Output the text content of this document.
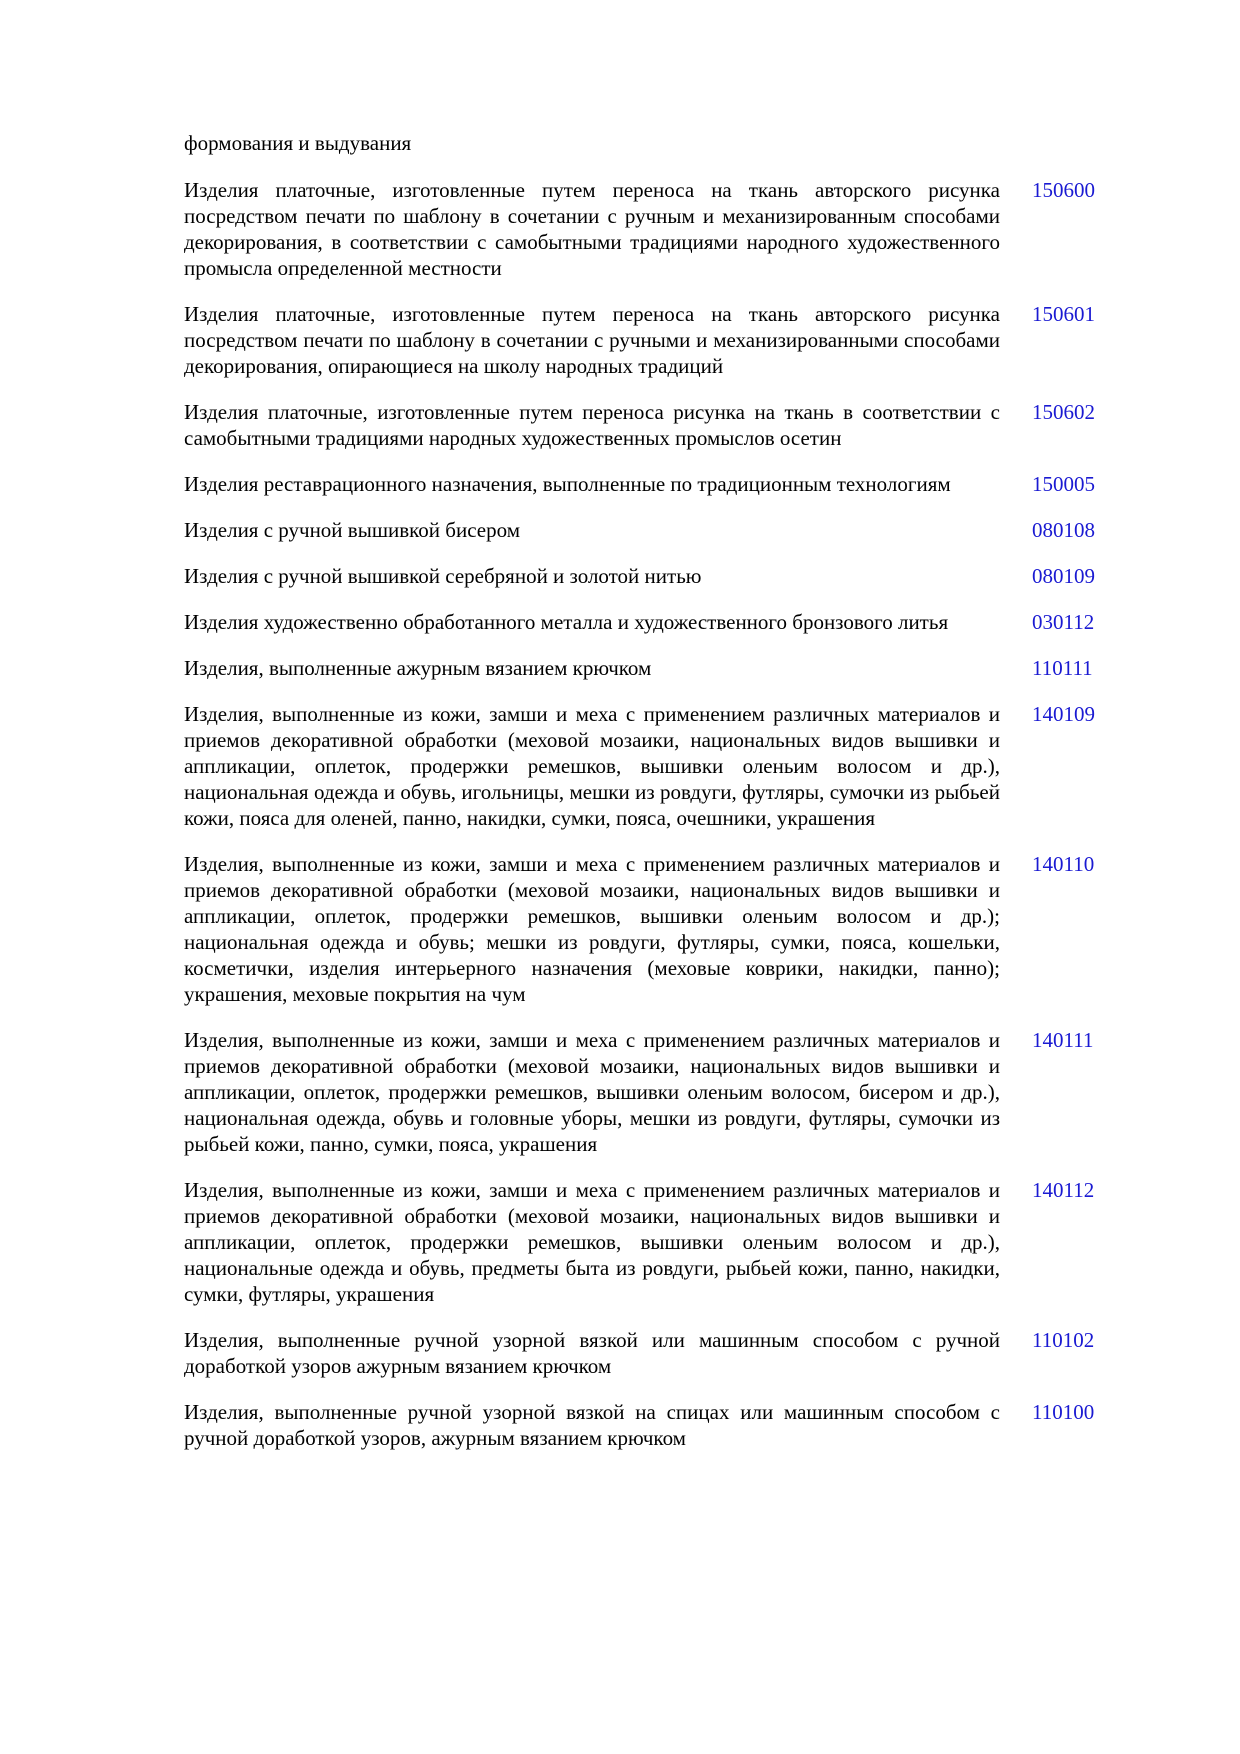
формования и выдувания
Изделия платочные, изготовленные путем переноса на ткань авторского рисунка посредством печати по шаблону в сочетании с ручным и механизированным способами декорирования, в соответствии с самобытными традициями народного художественного промысла определенной местности
150600
Изделия платочные, изготовленные путем переноса на ткань авторского рисунка посредством печати по шаблону в сочетании с ручными и механизированными способами декорирования, опирающиеся на школу народных традиций
150601
Изделия платочные, изготовленные путем переноса рисунка на ткань в соответствии с самобытными традициями народных художественных промыслов осетин
150602
Изделия реставрационного назначения, выполненные по традиционным технологиям	150005
Изделия с ручной вышивкой бисером	080108
Изделия с ручной вышивкой серебряной и золотой нитью	080109
Изделия художественно обработанного металла и художественного бронзового литья	030112
Изделия, выполненные ажурным вязанием крючком	110111
Изделия, выполненные из кожи, замши и меха с применением различных материалов и приемов декоративной обработки (меховой мозаики, национальных видов вышивки и аппликации, оплеток, продержки ремешков, вышивки оленьим волосом и др.), национальная одежда и обувь, игольницы, мешки из ровдуги, футляры, сумочки из рыбьей кожи, пояса для оленей, панно, накидки, сумки, пояса, очешники, украшения
140109
Изделия, выполненные из кожи, замши и меха с применением различных материалов и приемов декоративной обработки (меховой мозаики, национальных видов вышивки и аппликации, оплеток, продержки ремешков, вышивки оленьим волосом и др.); национальная одежда и обувь; мешки из ровдуги, футляры, сумки, пояса, кошельки, косметички, изделия интерьерного назначения (меховые коврики, накидки, панно); украшения, меховые покрытия на чум
140110
Изделия, выполненные из кожи, замши и меха с применением различных материалов и приемов декоративной обработки (меховой мозаики, национальных видов вышивки и аппликации, оплеток, продержки ремешков, вышивки оленьим волосом, бисером и др.), национальная одежда, обувь и головные уборы, мешки из ровдуги, футляры, сумочки из рыбьей кожи, панно, сумки, пояса, украшения
140111
Изделия, выполненные из кожи, замши и меха с применением различных материалов и приемов декоративной обработки (меховой мозаики, национальных видов вышивки и аппликации, оплеток, продержки ремешков, вышивки оленьим волосом и др.), национальные одежда и обувь, предметы быта из ровдуги, рыбьей кожи, панно, накидки, сумки, футляры, украшения
140112
Изделия, выполненные ручной узорной вязкой или машинным способом с ручной доработкой узоров ажурным вязанием крючком
110102
Изделия, выполненные ручной узорной вязкой на спицах или машинным способом с ручной доработкой узоров, ажурным вязанием крючком
110100
